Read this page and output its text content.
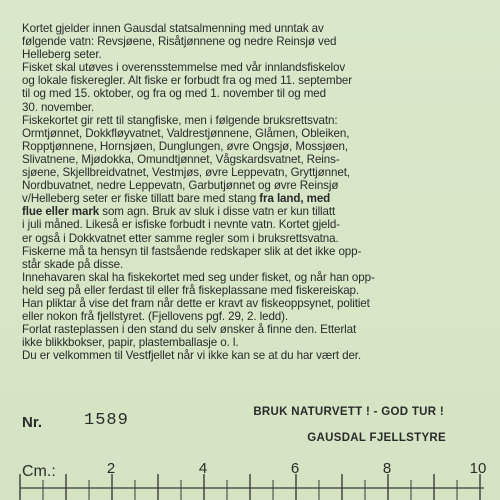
Kortet gjelder innen Gausdal statsalmenning med unntak av
følgende vatn: Revsjøene, Risåtjønnene og nedre Reinsjø ved
Helleberg seter.
Fisket skal utøves i overensstemmelse med vår innlandsfiskelov
og lokale fiskeregler. Alt fiske er forbudt fra og med 11. september
til og med 15. oktober, og fra og med 1. november til og med
30. november.
Fiskekortet gir rett til stangfiske, men i følgende bruksrettsvatn:
Ormtjønnet, Dokkfløyvatnet, Valdrestjønnene, Glåmen, Obleiken,
Ropptjønnene, Hornsjøen, Dunglungen, øvre Ongsjø, Mossjøen,
Slivatnene, Mjødokka, Omundtjønnet, Vågskardsvatnet, Reins-
sjøene, Skjellbreidvatnet, Vestmjøs, øvre Leppevatn, Gryttjønnet,
Nordbuvatnet, nedre Leppevatn, Garbutjønnet og øvre Reinsjø
v/Helleberg seter er fiske tillatt bare med stang fra land, med
flue eller mark som agn. Bruk av sluk i disse vatn er kun tillatt
i juli måned. Likeså er isfiske forbudt i nevnte vatn. Kortet gjeld-
er også i Dokkvatnet etter samme regler som i bruksrettsvatna.
Fiskerne må ta hensyn til fastsående redskaper slik at det ikke opp-
står skade på disse.
Innehavaren skal ha fiskekortet med seg under fisket, og når han opp-
held seg på eller ferdast til eller frå fiskeplassane med fiskereiskap.
Han pliktar å vise det fram når dette er kravt av fiskeoppsynet, politiet
eller nokon frå fjellstyret. (Fjellovens pgf. 29, 2. ledd).
Forlat rasteplassen i den stand du selv ønsker å finne den. Etterlat
ikke blikkbokser, papir, plastemballasje o. l.
Du er velkommen til Vestfjellet når vi ikke kan se at du har vært der.
Nr. 1589	BRUK NATURVETT ! - GOD TUR !
GAUSDAL FJELLSTYRE
Cm.:	2	4	6	8	10
